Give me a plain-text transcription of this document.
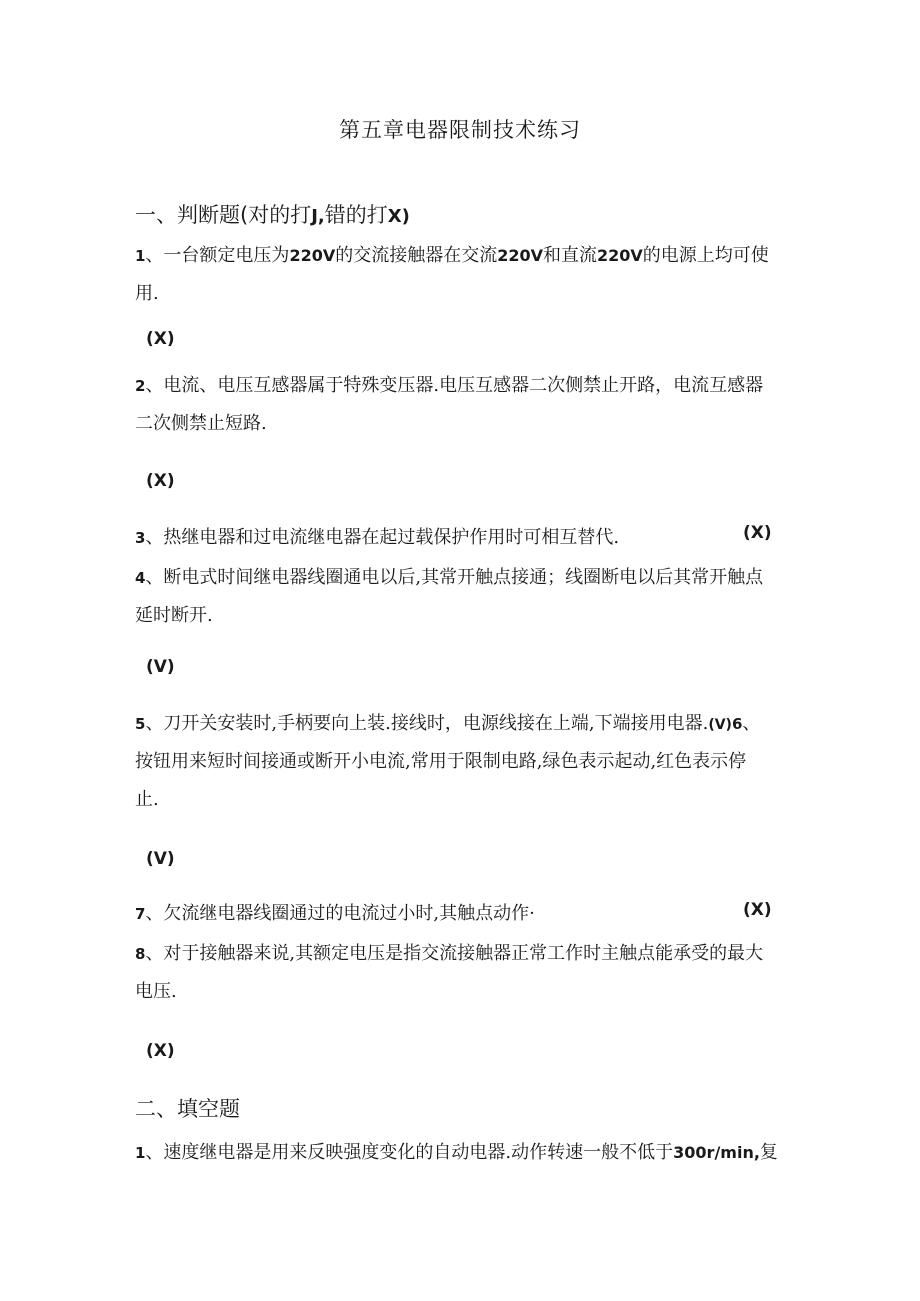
第五章电器限制技术练习
一、判断题(对的打J,错的打X)
1、一台额定电压为220V的交流接触器在交流220V和直流220V的电源上均可使
用.
(X)
2、电流、电压互感器属于特殊变压器.电压互感器二次侧禁止开路，电流互感器
二次侧禁止短路.
(X)
3、热继电器和过电流继电器在起过载保护作用时可相互替代.	(X)
4、断电式时间继电器线圈通电以后,其常开触点接通；线圈断电以后其常开触点
延时断开.
(V)
5、刀开关安装时,手柄要向上装.接线时，电源线接在上端,下端接用电器.(V)6、
按钮用来短时间接通或断开小电流,常用于限制电路,绿色表示起动,红色表示停
止.
(V)
7、欠流继电器线圈通过的电流过小时,其触点动作·	(X)
8、对于接触器来说,其额定电压是指交流接触器正常工作时主触点能承受的最大
电压.
(X)
二、填空题
1、速度继电器是用来反映强度变化的自动电器.动作转速一般不低于300r/min,复
